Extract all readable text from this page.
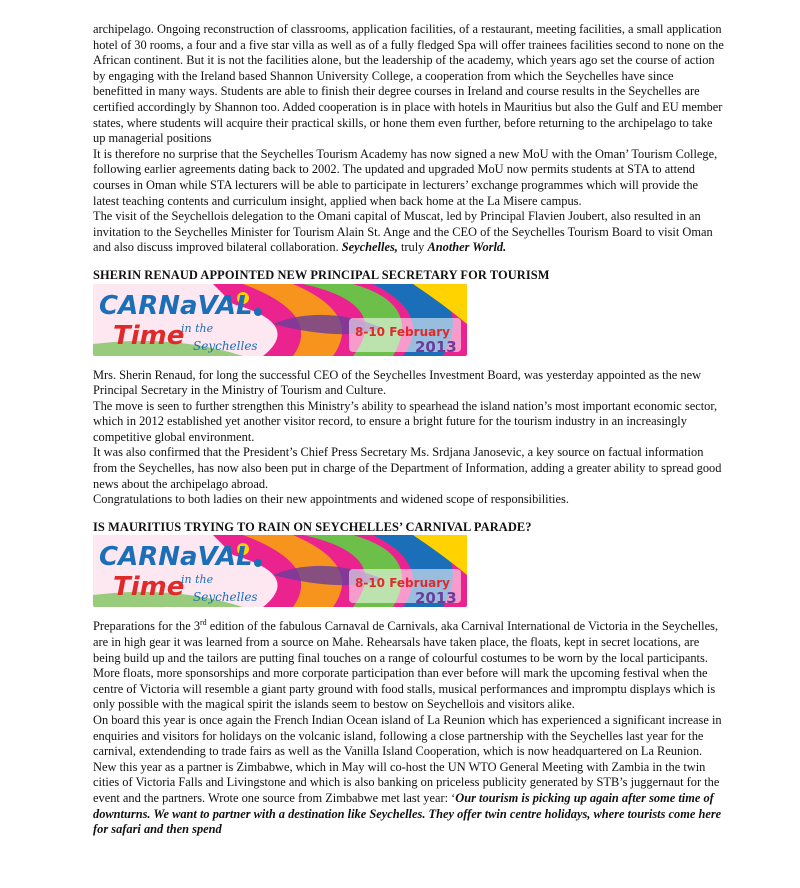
archipelago. Ongoing reconstruction of classrooms, application facilities, of a restaurant, meeting facilities, a small application hotel of 30 rooms, a four and a five star villa as well as of a fully fledged Spa will offer trainees facilities second to none on the African continent. But it is not the facilities alone, but the leadership of the academy, which years ago set the course of action by engaging with the Ireland based Shannon University College, a cooperation from which the Seychelles have since benefitted in many ways. Students are able to finish their degree courses in Ireland and course results in the Seychelles are certified accordingly by Shannon too. Added cooperation is in place with hotels in Mauritius but also the Gulf and EU member states, where students will acquire their practical skills, or hone them even further, before returning to the archipelago to take up managerial positions

It is therefore no surprise that the Seychelles Tourism Academy has now signed a new MoU with the Oman’ Tourism College, following earlier agreements dating back to 2002. The updated and upgraded MoU now permits students at STA to attend courses in Oman while STA lecturers will be able to participate in lecturers’ exchange programmes which will provide the latest teaching contents and curriculum insight, applied when back home at the La Misere campus.

The visit of the Seychellois delegation to the Omani capital of Muscat, led by Principal Flavien Joubert, also resulted in an invitation to the Seychelles Minister for Tourism Alain St. Ange and the CEO of the Seychelles Tourism Board to visit Oman and also discuss improved bilateral collaboration. Seychelles, truly Another World.

SHERIN RENAUD APPOINTED NEW PRINCIPAL SECRETARY FOR TOURISM
CARNaVAL
Time
in the
Seychelles
8-10 February
2013

Mrs. Sherin Renaud, for long the successful CEO of the Seychelles Investment Board, was yesterday appointed as the new Principal Secretary in the Ministry of Tourism and Culture.

The move is seen to further strengthen this Ministry’s ability to spearhead the island nation’s most important economic sector, which in 2012 established yet another visitor record, to ensure a bright future for the tourism industry in an increasingly competitive global environment.

It was also confirmed that the President’s Chief Press Secretary Ms. Srdjana Janosevic, a key source on factual information from the Seychelles, has now also been put in charge of the Department of Information, adding a greater ability to spread good news about the archipelago abroad.

Congratulations to both ladies on their new appointments and widened scope of responsibilities.

IS MAURITIUS TRYING TO RAIN ON SEYCHELLES’ CARNIVAL PARADE?
CARNaVAL
Time
in the
Seychelles
8-10 February
2013

Preparations for the 3rd edition of the fabulous Carnaval de Carnivals, aka Carnival International de Victoria in the Seychelles, are in high gear it was learned from a source on Mahe. Rehearsals have taken place, the floats, kept in secret locations, are being build up and the tailors are putting final touches on a range of colourful costumes to be worn by the local participants.

More floats, more sponsorships and more corporate participation than ever before will mark the upcoming festival when the centre of Victoria will resemble a giant party ground with food stalls, musical performances and impromptu displays which is only possible with the magical spirit the islands seem to bestow on Seychellois and visitors alike.

On board this year is once again the French Indian Ocean island of La Reunion which has experienced a significant increase in enquiries and visitors for holidays on the volcanic island, following a close partnership with the Seychelles last year for the carnival, extendending to trade fairs as well as the Vanilla Island Cooperation, which is now headquartered on La Reunion. New this year as a partner is Zimbabwe, which in May will co-host the UN WTO General Meeting with Zambia in the twin cities of Victoria Falls and Livingstone and which is also banking on priceless publicity generated by STB’s juggernaut for the event and the partners. Wrote one source from Zimbabwe met last year: ‘Our tourism is picking up again after some time of downturns. We want to partner with a destination like Seychelles. They offer twin centre holidays, where tourists come here for safari and then spend
